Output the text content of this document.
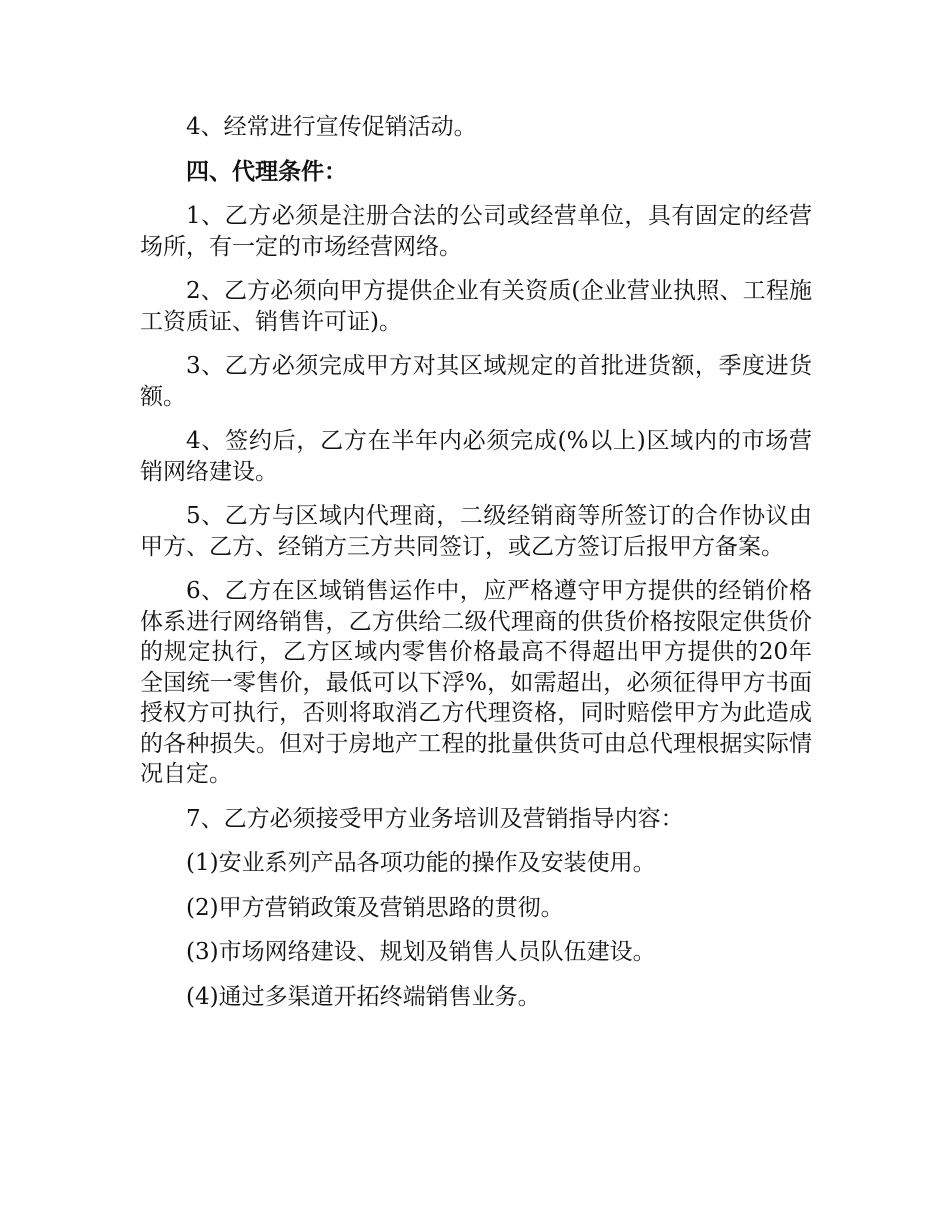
4、经常进行宣传促销活动。

四、代理条件：

1、乙方必须是注册合法的公司或经营单位，具有固定的经营场所，有一定的市场经营网络。

2、乙方必须向甲方提供企业有关资质(企业营业执照、工程施工资质证、销售许可证)。

3、乙方必须完成甲方对其区域规定的首批进货额，季度进货额。

4、签约后，乙方在半年内必须完成(%以上)区域内的市场营销网络建设。

5、乙方与区域内代理商，二级经销商等所签订的合作协议由甲方、乙方、经销方三方共同签订，或乙方签订后报甲方备案。

6、乙方在区域销售运作中，应严格遵守甲方提供的经销价格体系进行网络销售，乙方供给二级代理商的供货价格按限定供货价的规定执行，乙方区域内零售价格最高不得超出甲方提供的20年全国统一零售价，最低可以下浮%，如需超出，必须征得甲方书面授权方可执行，否则将取消乙方代理资格，同时赔偿甲方为此造成的各种损失。但对于房地产工程的批量供货可由总代理根据实际情况自定。

7、乙方必须接受甲方业务培训及营销指导内容：

(1)安业系列产品各项功能的操作及安装使用。

(2)甲方营销政策及营销思路的贯彻。

(3)市场网络建设、规划及销售人员队伍建设。

(4)通过多渠道开拓终端销售业务。
